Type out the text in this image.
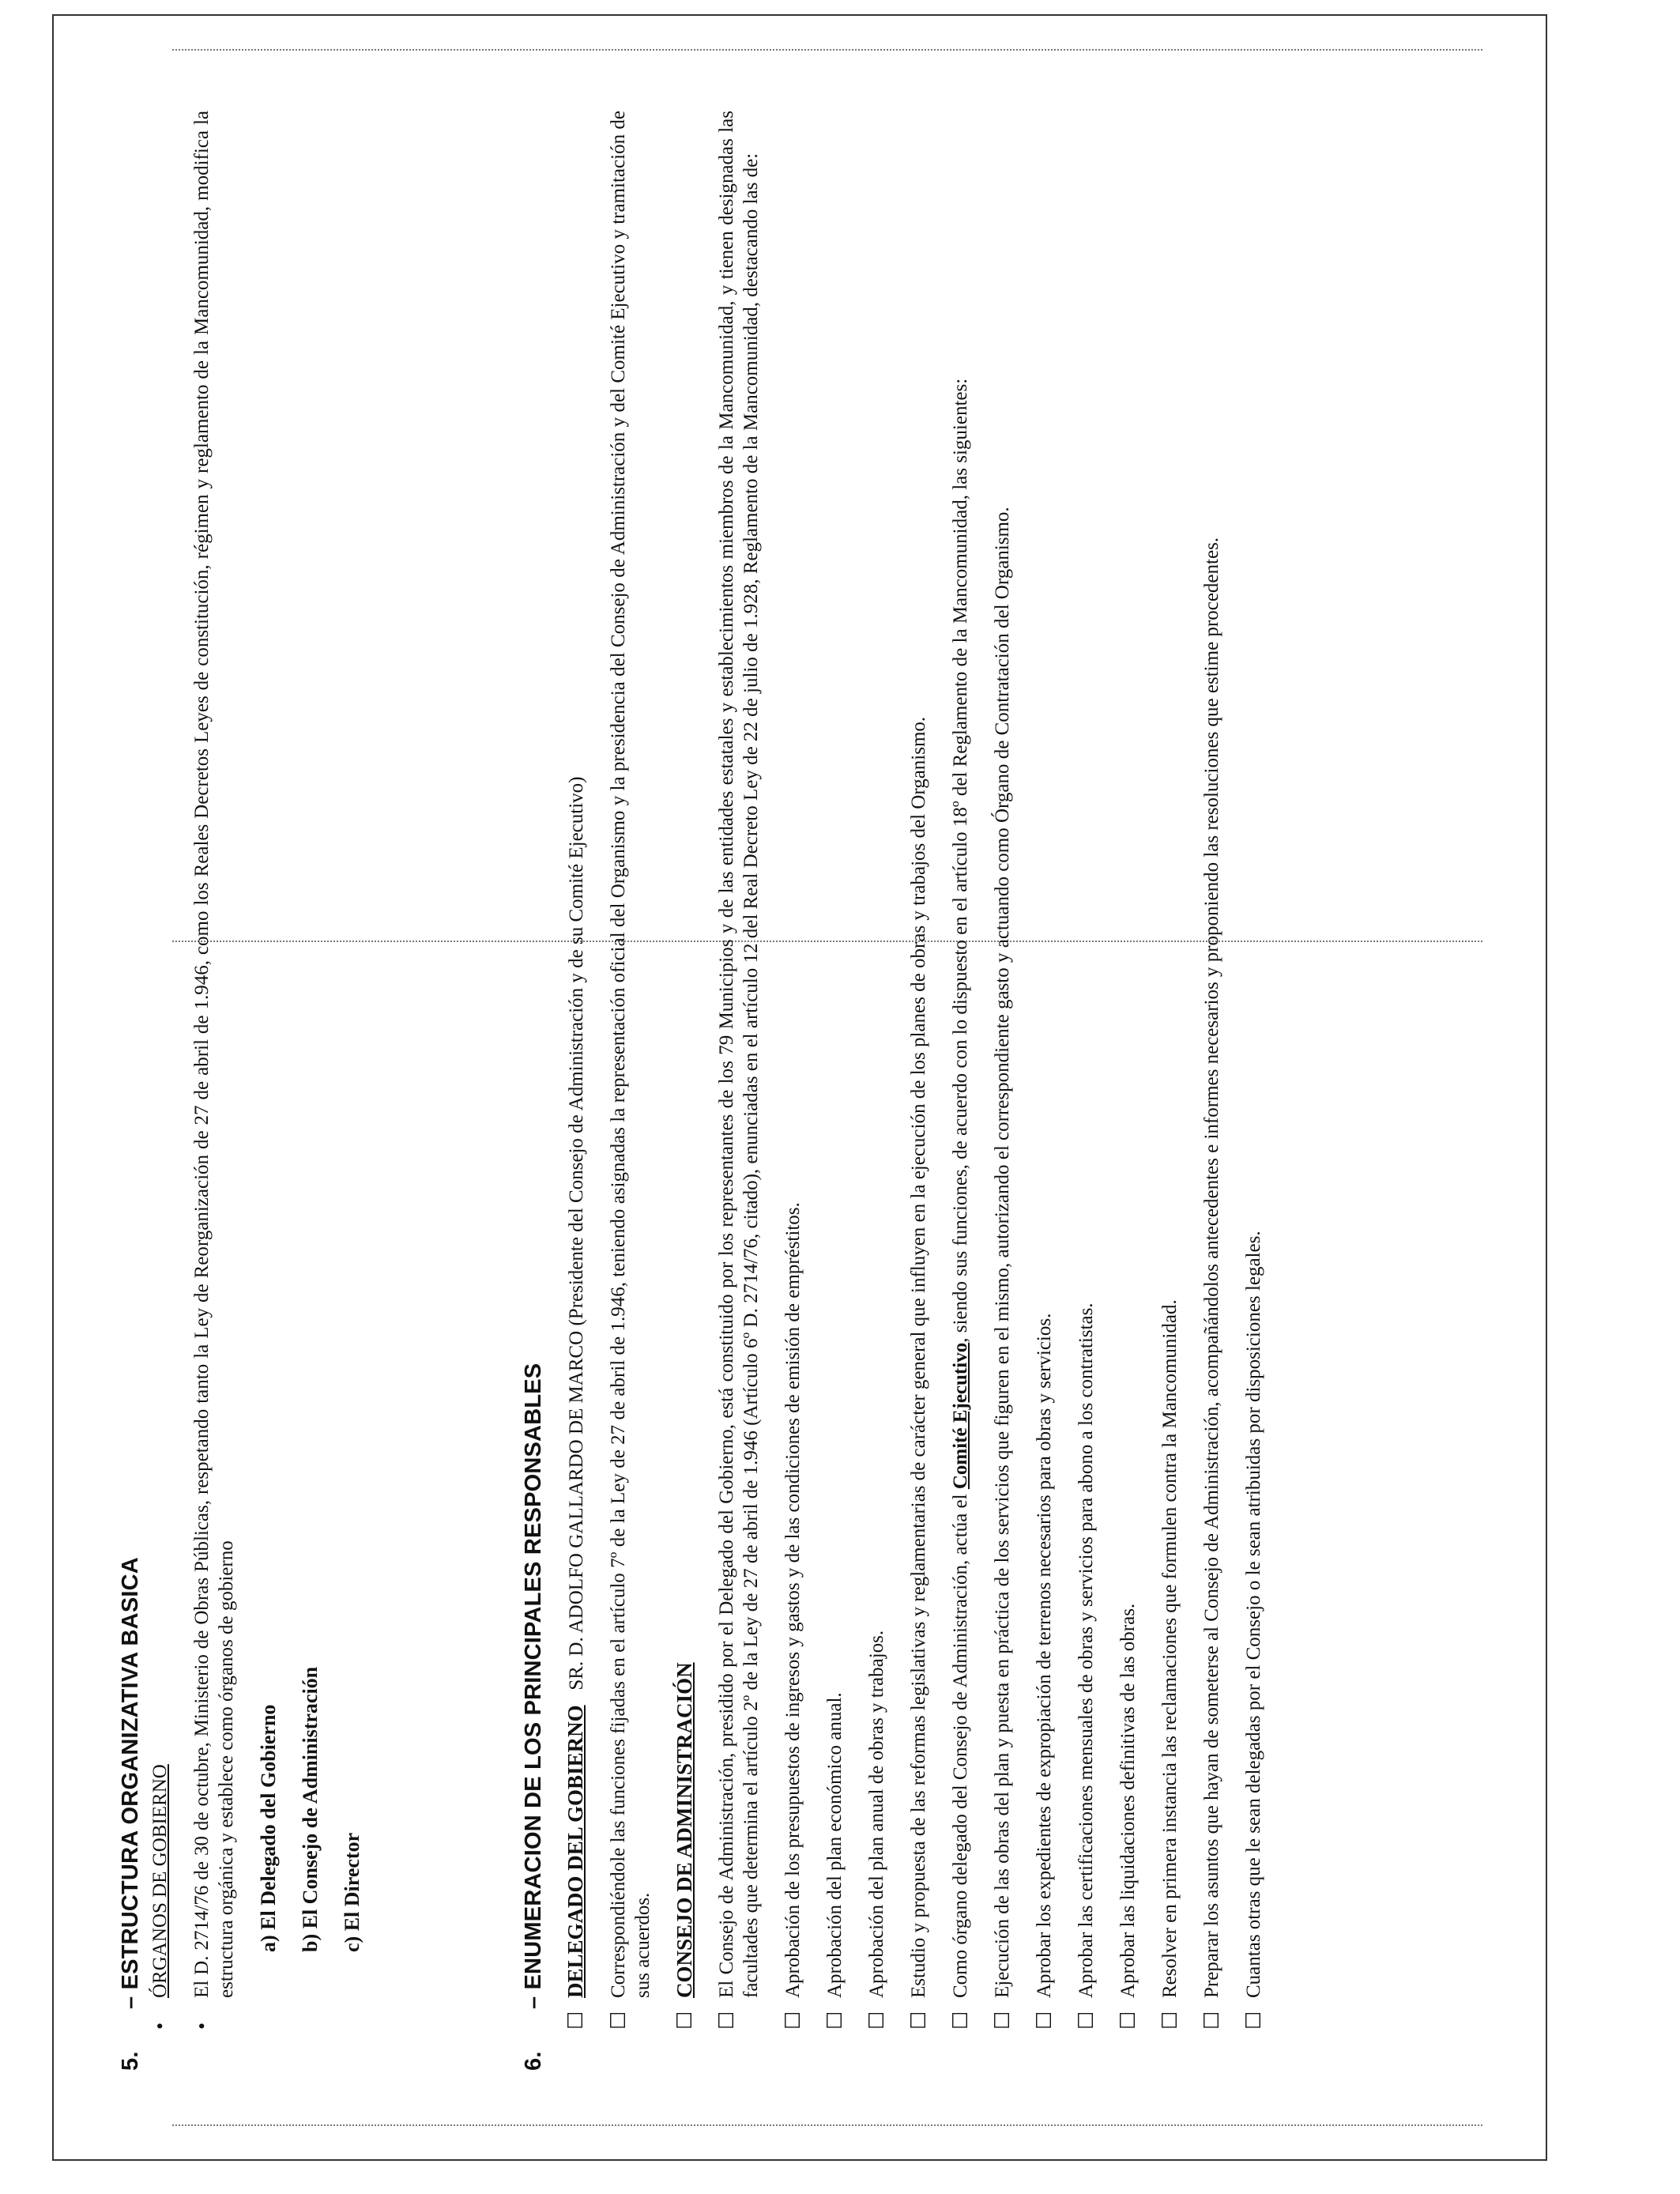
5.
– ESTRUCTURA ORGANIZATIVA BASICA
•
ÓRGANOS DE GOBIERNO
•
El D. 2714/76 de 30 de octubre, Ministerio de Obras Públicas, respetando tanto la Ley de Reorganización de 27 de abril de 1.946, como los Reales Decretos Leyes de constitución, régimen y reglamento de la Mancomunidad, modifica la estructura orgánica y establece como órganos de gobierno a) El Delegado del Gobierno b) El Consejo de Administración c) El Director
6.
– ENUMERACION DE LOS PRINCIPALES RESPONSABLES
☐
DELEGADO DEL GOBIERNO   SR. D. ADOLFO GALLARDO DE MARCO (Presidente del Consejo de Administración y de su Comité Ejecutivo)
☐
Correspondiéndole las funciones fijadas en el artículo 7º de la Ley de 27 de abril de 1.946, teniendo asignadas la representación oficial del Organismo y la presidencia del Consejo de Administración y del Comité Ejecutivo y tramitación de sus acuerdos.
☐
CONSEJO DE ADMINISTRACIÓN
☐
El Consejo de Administración, presidido por el Delegado del Gobierno, está constituido por los representantes de los 79 Municipios y de las entidades estatales y establecimientos miembros de la Mancomunidad, y tienen designadas las facultades que determina el artículo 2º de la Ley de 27 de abril de 1.946 (Artículo 6º D. 2714/76, citado), enunciadas en el artículo 12 del Real Decreto Ley de 22 de julio de 1.928, Reglamento de la Mancomunidad, destacando las de:
☐
Aprobación de los presupuestos de ingresos y gastos y de las condiciones de emisión de empréstitos.
☐
Aprobación del plan económico anual.
☐
Aprobación del plan anual de obras y trabajos.
☐
Estudio y propuesta de las reformas legislativas y reglamentarias de carácter general que influyen en la ejecución de los planes de obras y trabajos del Organismo.
☐
Como órgano delegado del Consejo de Administración, actúa el Comité Ejecutivo, siendo sus funciones, de acuerdo con lo dispuesto en el artículo 18º del Reglamento de la Mancomunidad, las siguientes:
☐
Ejecución de las obras del plan y puesta en práctica de los servicios que figuren en el mismo, autorizando el correspondiente gasto y actuando como Órgano de Contratación del Organismo.
☐
Aprobar los expedientes de expropiación de terrenos necesarios para obras y servicios.
☐
Aprobar las certificaciones mensuales de obras y servicios para abono a los contratistas.
☐
Aprobar las liquidaciones definitivas de las obras.
☐
Resolver en primera instancia las reclamaciones que formulen contra la Mancomunidad.
☐
Preparar los asuntos que hayan de someterse al Consejo de Administración, acompañándolos antecedentes e informes necesarios y proponiendo las resoluciones que estime procedentes.
☐
Cuantas otras que le sean delegadas por el Consejo o le sean atribuidas por disposiciones legales.
